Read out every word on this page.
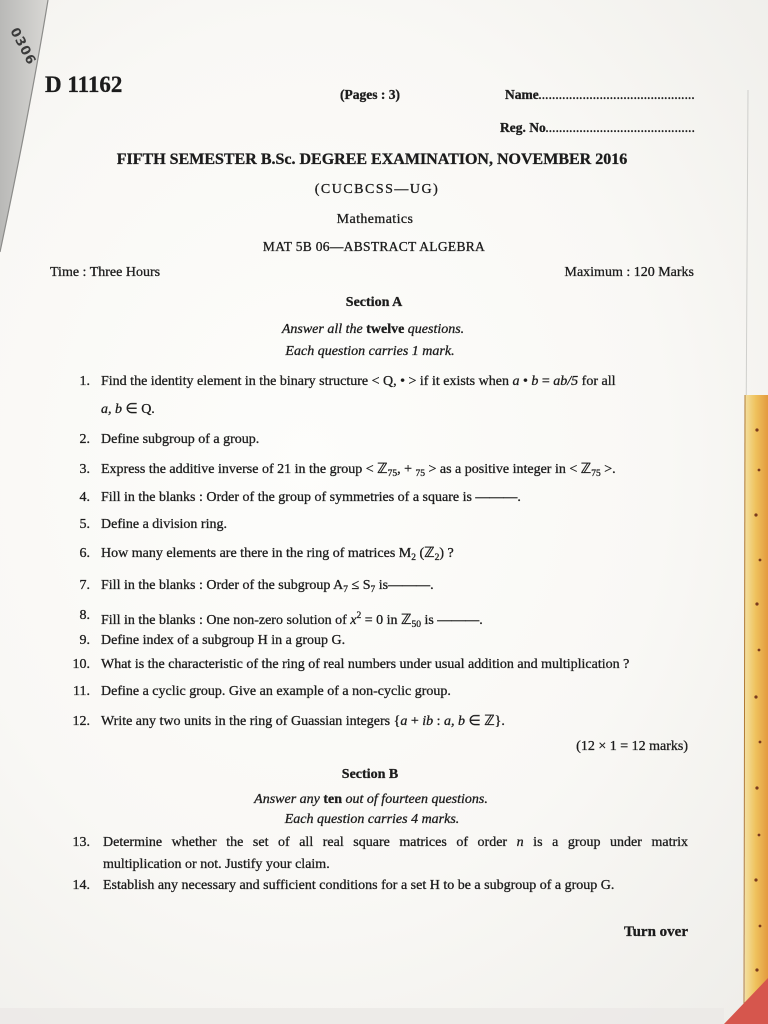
0306
D 11162	(Pages : 3)	Name..............................................
Reg. No............................................
FIFTH SEMESTER B.Sc. DEGREE EXAMINATION, NOVEMBER 2016
(CUCBCSS—UG)
Mathematics
MAT 5B 06—ABSTRACT ALGEBRA
Time : Three Hours	Maximum : 120 Marks
Section A
Answer all the twelve questions.
Each question carries 1 mark.
1. Find the identity element in the binary structure < Q, • > if it exists when a • b = ab/5 for all
a, b ∈ Q.
2. Define subgroup of a group.
3. Express the additive inverse of 21 in the group < ℤ$_{75}$, + $_{75}$ > as a positive integer in < ℤ$_{75}$ >.
4. Fill in the blanks : Order of the group of symmetries of a square is ———.
5. Define a division ring.
6. How many elements are there in the ring of matrices $M_2$ (ℤ$_2$) ?
7. Fill in the blanks : Order of the subgroup $A_7 \le S_7$ is———.
8. Fill in the blanks : One non-zero solution of $x^2 = 0$ in ℤ$_{50}$ is ———.
9. Define index of a subgroup H in a group G.
10. What is the characteristic of the ring of real numbers under usual addition and multiplication ?
11. Define a cyclic group. Give an example of a non-cyclic group.
12. Write any two units in the ring of Guassian integers {a + ib : a, b ∈ ℤ}.
(12 × 1 = 12 marks)
Section B
Answer any ten out of fourteen questions.
Each question carries 4 marks.
13. Determine whether the set of all real square matrices of order n is a group under matrix
multiplication or not. Justify your claim.
14. Establish any necessary and sufficient conditions for a set H to be a subgroup of a group G.
Turn over
